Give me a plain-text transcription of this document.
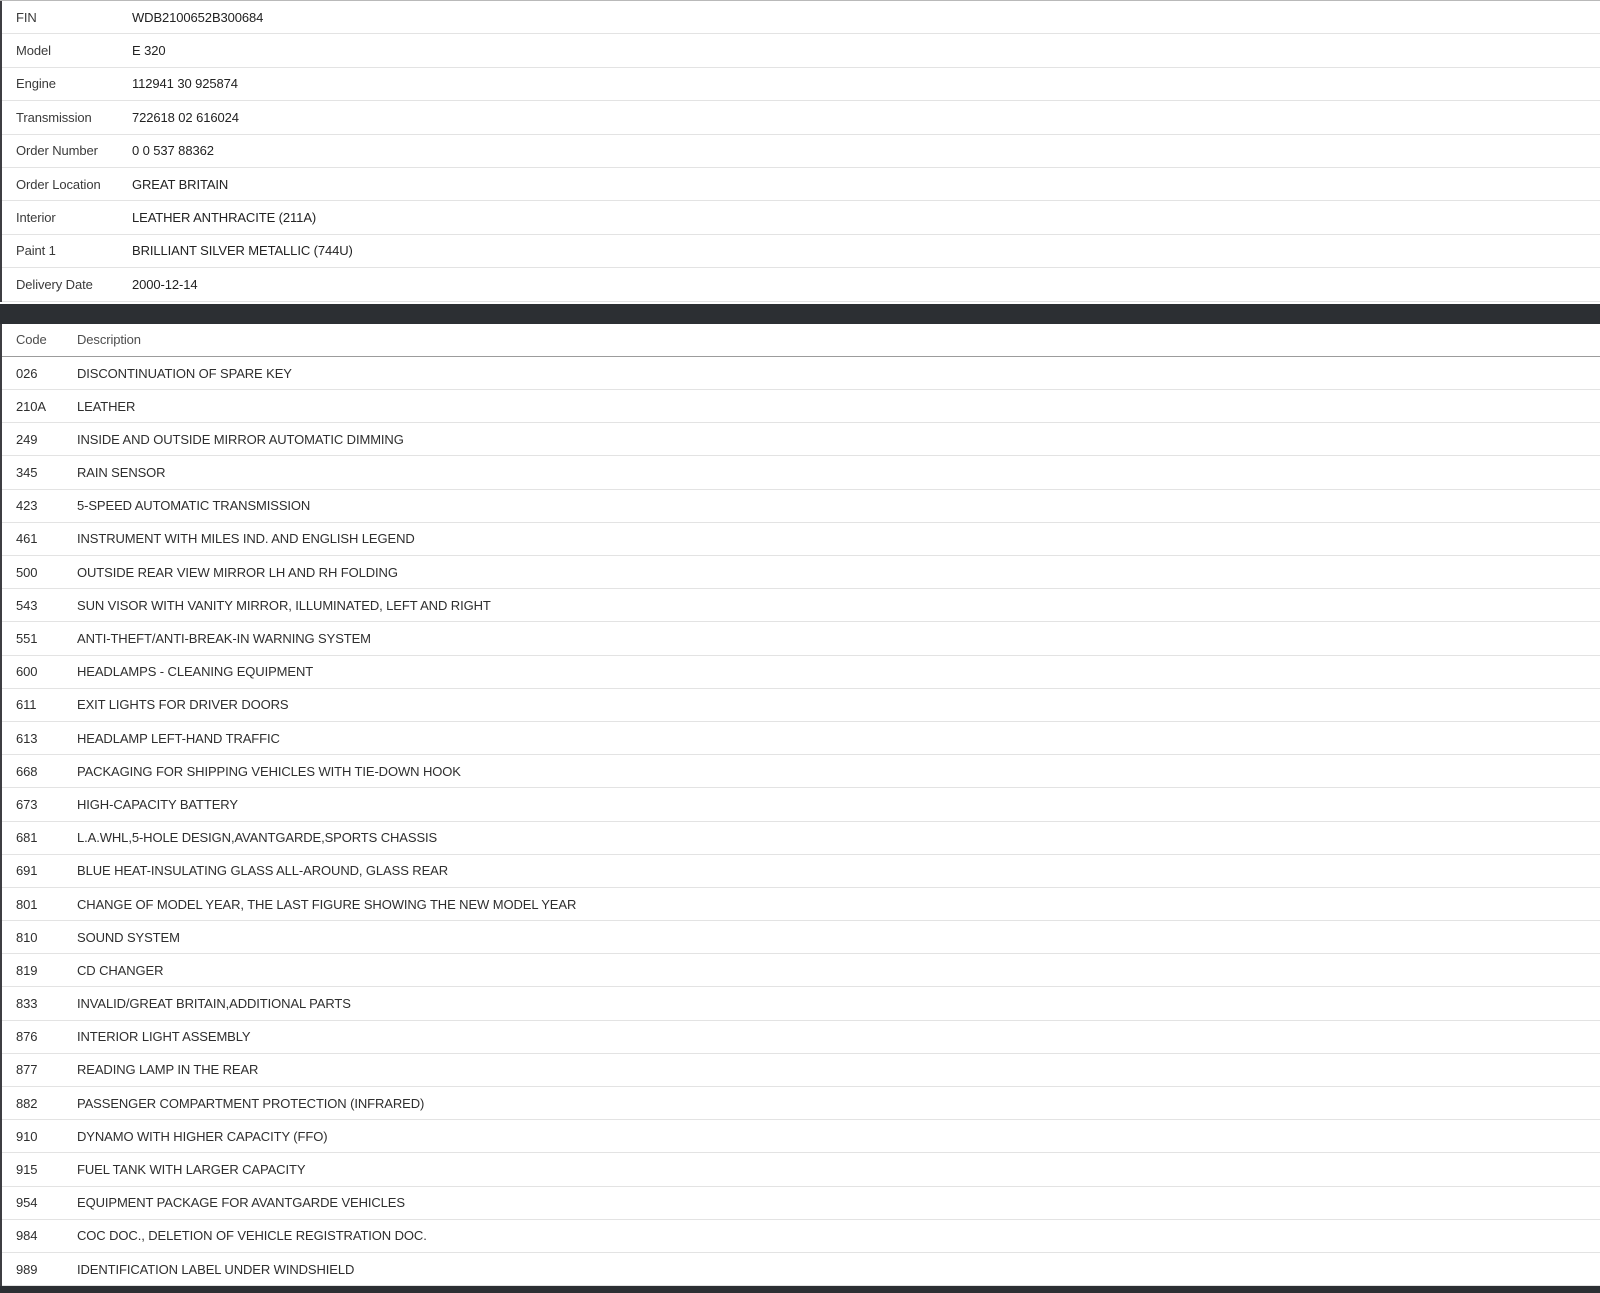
FIN	WDB2100652B300684
Model	E 320
Engine	112941 30 925874
Transmission	722618 02 616024
Order Number	0 0 537 88362
Order Location	GREAT BRITAIN
Interior	LEATHER ANTHRACITE (211A)
Paint 1	BRILLIANT SILVER METALLIC (744U)
Delivery Date	2000-12-14
Code	Description
026	DISCONTINUATION OF SPARE KEY
210A	LEATHER
249	INSIDE AND OUTSIDE MIRROR AUTOMATIC DIMMING
345	RAIN SENSOR
423	5-SPEED AUTOMATIC TRANSMISSION
461	INSTRUMENT WITH MILES IND. AND ENGLISH LEGEND
500	OUTSIDE REAR VIEW MIRROR LH AND RH FOLDING
543	SUN VISOR WITH VANITY MIRROR, ILLUMINATED, LEFT AND RIGHT
551	ANTI-THEFT/ANTI-BREAK-IN WARNING SYSTEM
600	HEADLAMPS - CLEANING EQUIPMENT
611	EXIT LIGHTS FOR DRIVER DOORS
613	HEADLAMP LEFT-HAND TRAFFIC
668	PACKAGING FOR SHIPPING VEHICLES WITH TIE-DOWN HOOK
673	HIGH-CAPACITY BATTERY
681	L.A.WHL,5-HOLE DESIGN,AVANTGARDE,SPORTS CHASSIS
691	BLUE HEAT-INSULATING GLASS ALL-AROUND, GLASS REAR
801	CHANGE OF MODEL YEAR, THE LAST FIGURE SHOWING THE NEW MODEL YEAR
810	SOUND SYSTEM
819	CD CHANGER
833	INVALID/GREAT BRITAIN,ADDITIONAL PARTS
876	INTERIOR LIGHT ASSEMBLY
877	READING LAMP IN THE REAR
882	PASSENGER COMPARTMENT PROTECTION (INFRARED)
910	DYNAMO WITH HIGHER CAPACITY (FFO)
915	FUEL TANK WITH LARGER CAPACITY
954	EQUIPMENT PACKAGE FOR AVANTGARDE VEHICLES
984	COC DOC., DELETION OF VEHICLE REGISTRATION DOC.
989	IDENTIFICATION LABEL UNDER WINDSHIELD
